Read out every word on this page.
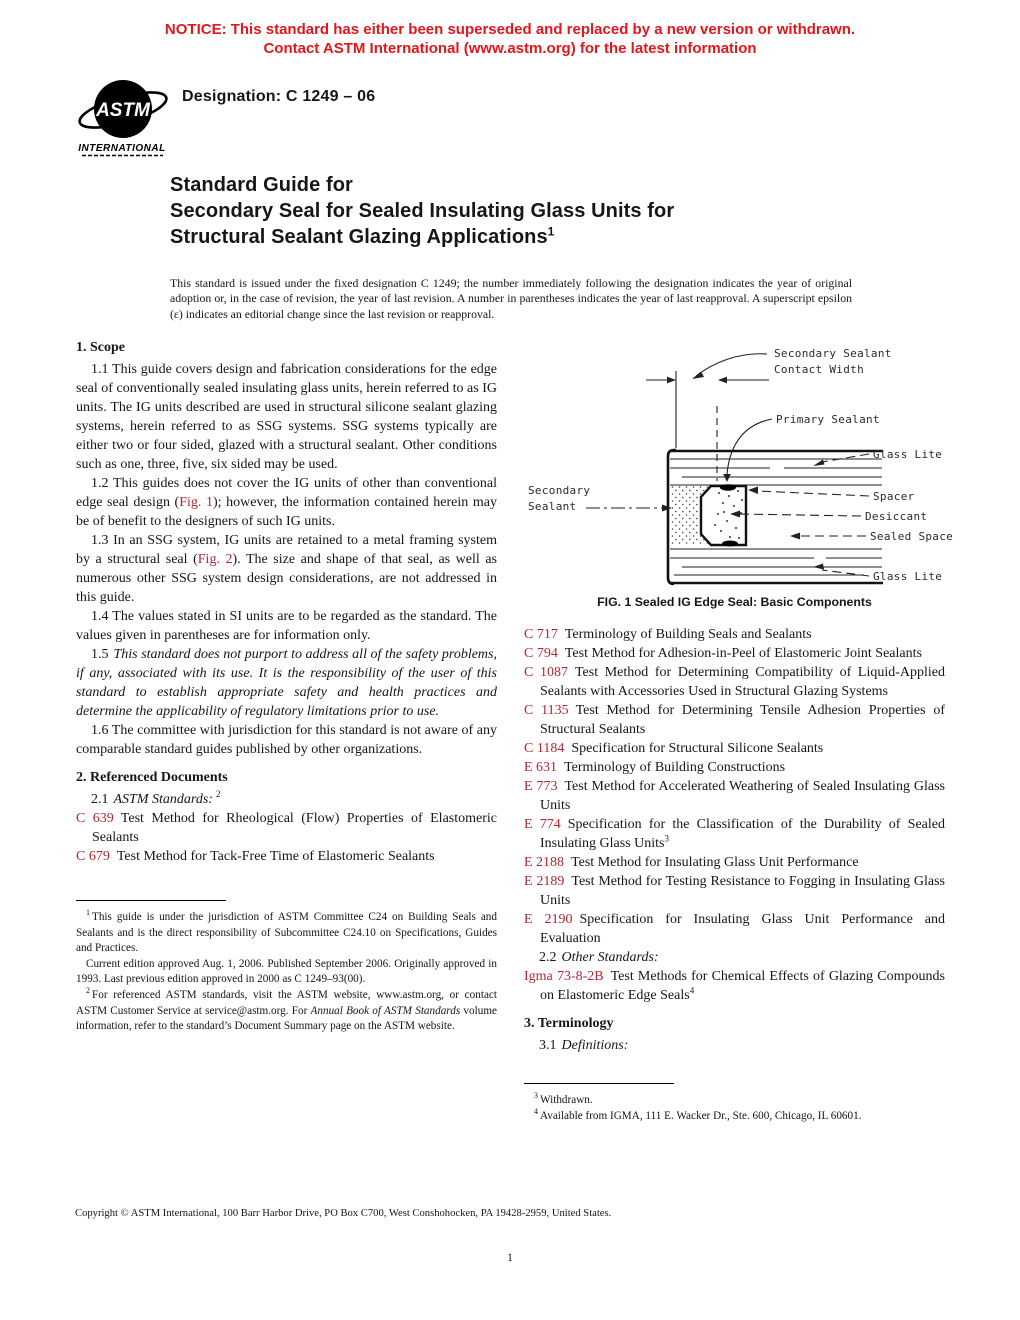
NOTICE: This standard has either been superseded and replaced by a new version or withdrawn.
Contact ASTM International (www.astm.org) for the latest information
ASTM
INTERNATIONAL
Designation: C 1249 – 06
Standard Guide for
Secondary Seal for Sealed Insulating Glass Units for
Structural Sealant Glazing Applications$^1$

This standard is issued under the fixed designation C 1249; the number immediately following the designation indicates the year of original adoption or, in the case of revision, the year of last revision. A number in parentheses indicates the year of last reapproval. A superscript epsilon (ε) indicates an editorial change since the last revision or reapproval.

1. Scope

1.1 This guide covers design and fabrication considerations for the edge seal of conventionally sealed insulating glass units, herein referred to as IG units. The IG units described are used in structural silicone sealant glazing systems, herein referred to as SSG systems. SSG systems typically are either two or four sided, glazed with a structural sealant. Other conditions such as one, three, five, six sided may be used.

1.2 This guides does not cover the IG units of other than conventional edge seal design (Fig. 1); however, the information contained herein may be of benefit to the designers of such IG units.

1.3 In an SSG system, IG units are retained to a metal framing system by a structural seal (Fig. 2). The size and shape of that seal, as well as numerous other SSG system design considerations, are not addressed in this guide.

1.4 The values stated in SI units are to be regarded as the standard. The values given in parentheses are for information only.

1.5 This standard does not purport to address all of the safety problems, if any, associated with its use. It is the responsibility of the user of this standard to establish appropriate safety and health practices and determine the applicability of regulatory limitations prior to use.

1.6 The committee with jurisdiction for this standard is not aware of any comparable standard guides published by other organizations.

2. Referenced Documents

2.1 ASTM Standards: $^2$

C 639 Test Method for Rheological (Flow) Properties of Elastomeric Sealants

C 679 Test Method for Tack-Free Time of Elastomeric Sealants

$^1$ This guide is under the jurisdiction of ASTM Committee C24 on Building Seals and Sealants and is the direct responsibility of Subcommittee C24.10 on Specifications, Guides and Practices.

Current edition approved Aug. 1, 2006. Published September 2006. Originally approved in 1993. Last previous edition approved in 2000 as C 1249–93(00).

$^2$ For referenced ASTM standards, visit the ASTM website, www.astm.org, or contact ASTM Customer Service at service@astm.org. For Annual Book of ASTM Standards volume information, refer to the standard’s Document Summary page on the ASTM website.

Secondary Sealant
Contact Width
Primary Sealant
Glass Lite
Spacer
Desiccant
Sealed Space
Glass Lite
Secondary
Sealant
FIG. 1 Sealed IG Edge Seal: Basic Components

C 717 Terminology of Building Seals and Sealants

C 794 Test Method for Adhesion-in-Peel of Elastomeric Joint Sealants

C 1087 Test Method for Determining Compatibility of Liquid-Applied Sealants with Accessories Used in Structural Glazing Systems

C 1135 Test Method for Determining Tensile Adhesion Properties of Structural Sealants

C 1184 Specification for Structural Silicone Sealants

E 631 Terminology of Building Constructions

E 773 Test Method for Accelerated Weathering of Sealed Insulating Glass Units

E 774 Specification for the Classification of the Durability of Sealed Insulating Glass Units$^3$

E 2188 Test Method for Insulating Glass Unit Performance

E 2189 Test Method for Testing Resistance to Fogging in Insulating Glass Units

E 2190 Specification for Insulating Glass Unit Performance and Evaluation

2.2 Other Standards:

Igma 73-8-2B Test Methods for Chemical Effects of Glazing Compounds on Elastomeric Edge Seals$^4$

3. Terminology

3.1 Definitions:

$^3$ Withdrawn.

$^4$ Available from IGMA, 111 E. Wacker Dr., Ste. 600, Chicago, IL 60601.

Copyright © ASTM International, 100 Barr Harbor Drive, PO Box C700, West Conshohocken, PA 19428-2959, United States.
1
